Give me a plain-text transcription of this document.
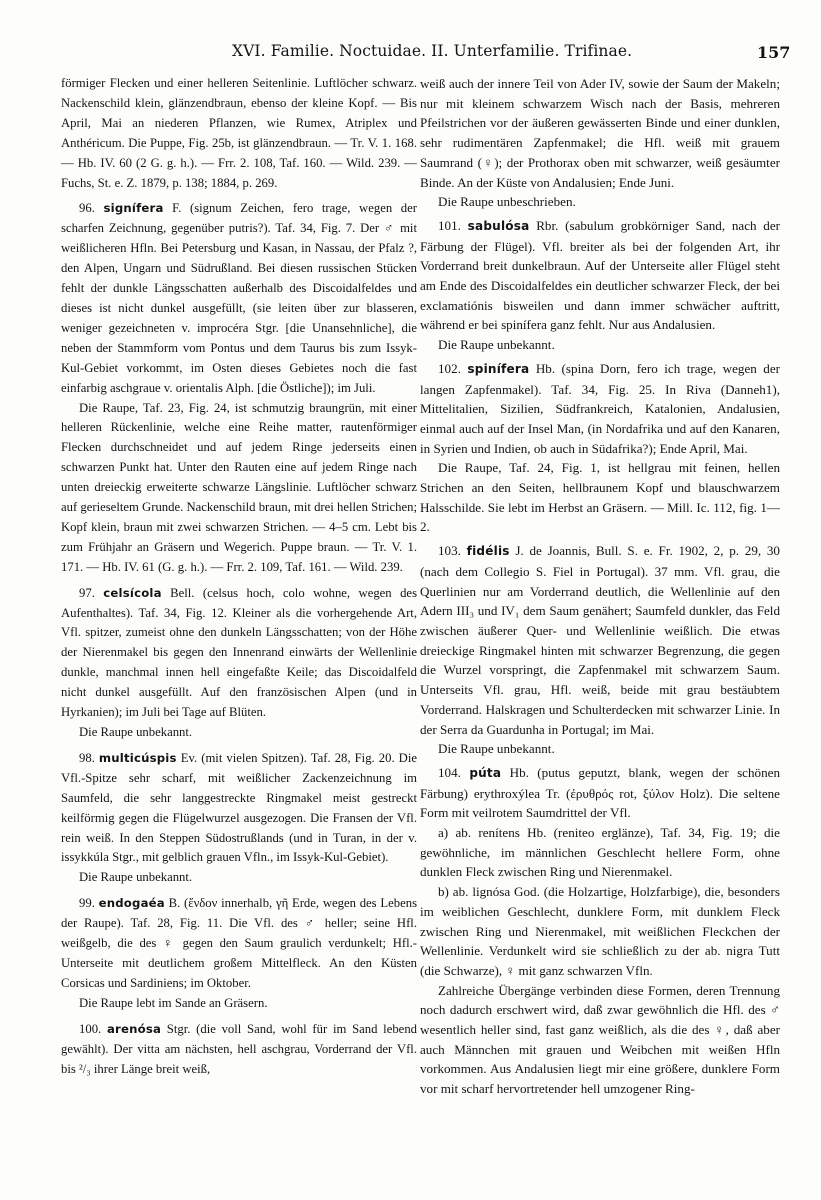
XVI. Familie. Noctuidae. II. Unterfamilie. Trifinae.	157

förmiger Flecken und einer helleren Seitenlinie. Luftlöcher schwarz. Nackenschild klein, glänzendbraun, ebenso der kleine Kopf. — Bis April, Mai an niederen Pflanzen, wie Rumex, Atriplex und Anthéricum. Die Puppe, Fig. 25b, ist glänzendbraun. — Tr. V. 1. 168. — Hb. IV. 60 (2 G. g. h.). — Frr. 2. 108, Taf. 160. — Wild. 239. — Fuchs, St. e. Z. 1879, p. 138; 1884, p. 269.

96. signífera F. (signum Zeichen, fero trage, wegen der scharfen Zeichnung, gegenüber putris?). Taf. 34, Fig. 7. Der ♂ mit weißlicheren Hfln. Bei Petersburg und Kasan, in Nassau, der Pfalz ?, den Alpen, Ungarn und Südrußland. Bei diesen russischen Stücken fehlt der dunkle Längsschatten außerhalb des Discoidalfeldes und dieses ist nicht dunkel ausgefüllt, (sie leiten über zur blasseren, weniger gezeichneten v. improcéra Stgr. [die Unansehnliche], die neben der Stammform vom Pontus und dem Taurus bis zum Issyk-Kul-Gebiet vorkommt, im Osten dieses Gebietes noch die fast einfarbig aschgraue v. orientalis Alph. [die Östliche]); im Juli.

Die Raupe, Taf. 23, Fig. 24, ist schmutzig braungrün, mit einer helleren Rückenlinie, welche eine Reihe matter, rautenförmiger Flecken durchschneidet und auf jedem Ringe jederseits einen schwarzen Punkt hat. Unter den Rauten eine auf jedem Ringe nach unten dreieckig erweiterte schwarze Längslinie. Luftlöcher schwarz auf gerieseltem Grunde. Nackenschild braun, mit drei hellen Strichen; Kopf klein, braun mit zwei schwarzen Strichen. — 4–5 cm. Lebt bis zum Frühjahr an Gräsern und Wegerich. Puppe braun. — Tr. V. 1. 171. — Hb. IV. 61 (G. g. h.). — Frr. 2. 109, Taf. 161. — Wild. 239.

97. celsícola Bell. (celsus hoch, colo wohne, wegen des Aufenthaltes). Taf. 34, Fig. 12. Kleiner als die vorhergehende Art, Vfl. spitzer, zumeist ohne den dunkeln Längsschatten; von der Höhe der Nierenmakel bis gegen den Innenrand einwärts der Wellenlinie dunkle, manchmal innen hell eingefaßte Keile; das Discoidalfeld nicht dunkel ausgefüllt. Auf den französischen Alpen (und in Hyrkanien); im Juli bei Tage auf Blüten.

Die Raupe unbekannt.

98. multicúspis Ev. (mit vielen Spitzen). Taf. 28, Fig. 20. Die Vfl.-Spitze sehr scharf, mit weißlicher Zackenzeichnung im Saumfeld, die sehr langgestreckte Ringmakel meist gestreckt keilförmig gegen die Flügelwurzel ausgezogen. Die Fransen der Vfl. rein weiß. In den Steppen Südostrußlands (und in Turan, in der v. issykkúla Stgr., mit gelblich grauen Vfln., im Issyk-Kul-Gebiet).

Die Raupe unbekannt.

99. endogaéa B. (ἔνδον innerhalb, γῆ Erde, wegen des Lebens der Raupe). Taf. 28, Fig. 11. Die Vfl. des ♂ heller; seine Hfl. weißgelb, die des ♀ gegen den Saum graulich verdunkelt; Hfl.-Unterseite mit deutlichem großem Mittelfleck. An den Küsten Corsicas und Sardiniens; im Oktober.

Die Raupe lebt im Sande an Gräsern.

100. arenósa Stgr. (die voll Sand, wohl für im Sand lebend gewählt). Der vitta am nächsten, hell aschgrau, Vorderrand der Vfl. bis ²/₃ ihrer Länge breit weiß,

weiß auch der innere Teil von Ader IV, sowie der Saum der Makeln; nur mit kleinem schwarzem Wisch nach der Basis, mehreren Pfeilstrichen vor der äußeren gewässerten Binde und einer dunklen, sehr rudimentären Zapfenmakel; die Hfl. weiß mit grauem Saumrand (♀); der Prothorax oben mit schwarzer, weiß gesäumter Binde. An der Küste von Andalusien; Ende Juni.

Die Raupe unbeschrieben.

101. sabulósa Rbr. (sabulum grobkörniger Sand, nach der Färbung der Flügel). Vfl. breiter als bei der folgenden Art, ihr Vorderrand breit dunkelbraun. Auf der Unterseite aller Flügel steht am Ende des Discoidalfeldes ein deutlicher schwarzer Fleck, der bei exclamatiónis bisweilen und dann immer schwächer auftritt, während er bei spinífera ganz fehlt. Nur aus Andalusien.

Die Raupe unbekannt.

102. spinífera Hb. (spina Dorn, fero ich trage, wegen der langen Zapfenmakel). Taf. 34, Fig. 25. In Riva (Danneh1), Mittelitalien, Sizilien, Südfrankreich, Katalonien, Andalusien, einmal auch auf der Insel Man, (in Nordafrika und auf den Kanaren, in Syrien und Indien, ob auch in Südafrika?); Ende April, Mai.

Die Raupe, Taf. 24, Fig. 1, ist hellgrau mit feinen, hellen Strichen an den Seiten, hellbraunem Kopf und blauschwarzem Halsschilde. Sie lebt im Herbst an Gräsern. — Mill. Ic. 112, fig. 1—2.

103. fidélis J. de Joannis, Bull. S. e. Fr. 1902, 2, p. 29, 30 (nach dem Collegio S. Fiel in Portugal). 37 mm. Vfl. grau, die Querlinien nur am Vorderrand deutlich, die Wellenlinie auf den Adern III₃ und IV₁ dem Saum genähert; Saumfeld dunkler, das Feld zwischen äußerer Quer- und Wellenlinie weißlich. Die etwas dreieckige Ringmakel hinten mit schwarzer Begrenzung, die gegen die Wurzel vorspringt, die Zapfenmakel mit schwarzem Saum. Unterseits Vfl. grau, Hfl. weiß, beide mit grau bestäubtem Vorderrand. Halskragen und Schulterdecken mit schwarzer Linie. In der Serra da Guardunha in Portugal; im Mai.

Die Raupe unbekannt.

104. púta Hb. (putus geputzt, blank, wegen der schönen Färbung) erythroxýlea Tr. (ἐρυθρός rot, ξύλον Holz). Die seltene Form mit veilrotem Saumdrittel der Vfl.

a) ab. renítens Hb. (reniteo erglänze), Taf. 34, Fig. 19; die gewöhnliche, im männlichen Geschlecht hellere Form, ohne dunklen Fleck zwischen Ring und Nierenmakel.

b) ab. lignósa God. (die Holzartige, Holzfarbige), die, besonders im weiblichen Geschlecht, dunklere Form, mit dunklem Fleck zwischen Ring und Nierenmakel, mit weißlichen Fleckchen der Wellenlinie. Verdunkelt wird sie schließlich zu der ab. nigra Tutt (die Schwarze), ♀ mit ganz schwarzen Vfln.

Zahlreiche Übergänge verbinden diese Formen, deren Trennung noch dadurch erschwert wird, daß zwar gewöhnlich die Hfl. des ♂ wesentlich heller sind, fast ganz weißlich, als die des ♀, daß aber auch Männchen mit grauen und Weibchen mit weißen Hfln vorkommen. Aus Andalusien liegt mir eine größere, dunklere Form vor mit scharf hervortretender hell umzogener Ring-
